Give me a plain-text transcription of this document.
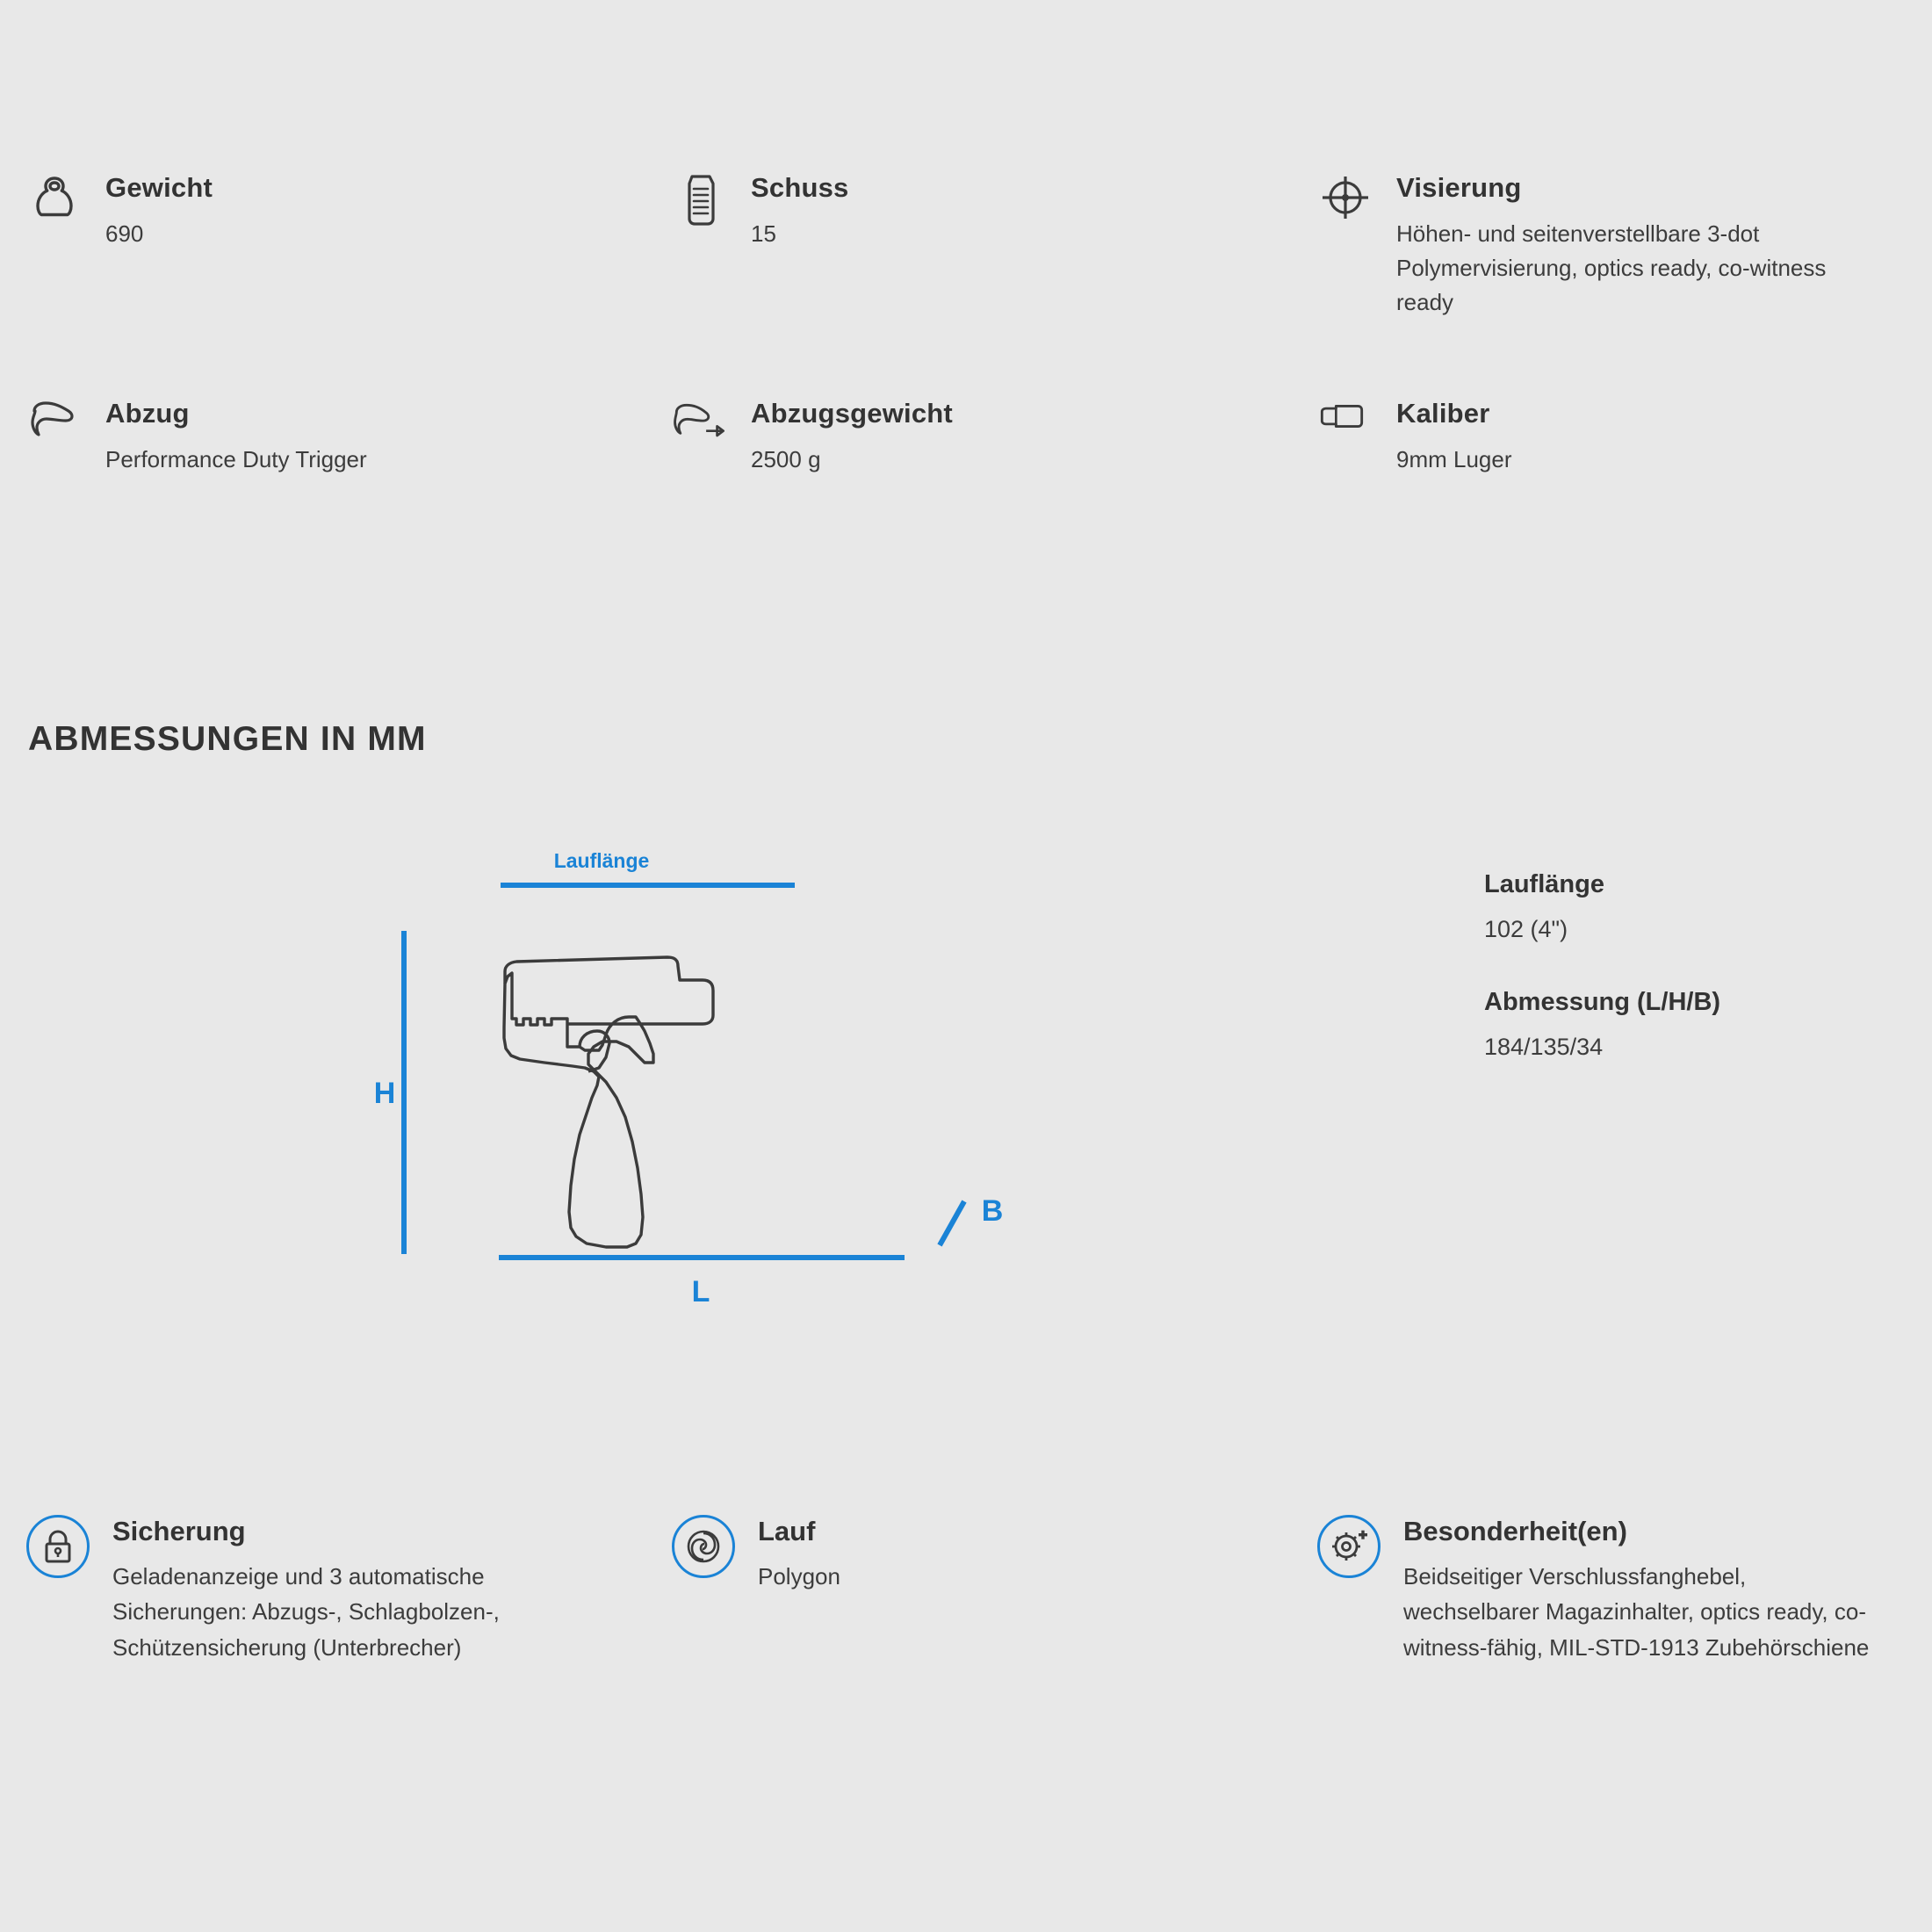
Gewicht
690
Schuss
15
Visierung
Höhen- und seitenverstellbare 3-dot Polymervisierung, optics ready, co-witness ready
Abzug
Performance Duty Trigger
Abzugsgewicht
2500 g
Kaliber
9mm Luger
ABMESSUNGEN IN MM
Lauflänge
H
L
B
Lauflänge
102 (4")
Abmessung (L/H/B)
184/135/34
Sicherung
Geladenanzeige und 3 automatische Sicherungen: Abzugs-, Schlagbolzen-, Schützensicherung (Unterbrecher)
Lauf
Polygon
Besonderheit(en)
Beidseitiger Verschlussfanghebel, wechselbarer Magazinhalter, optics ready, co-witness-fähig, MIL-STD-1913 Zubehörschiene
